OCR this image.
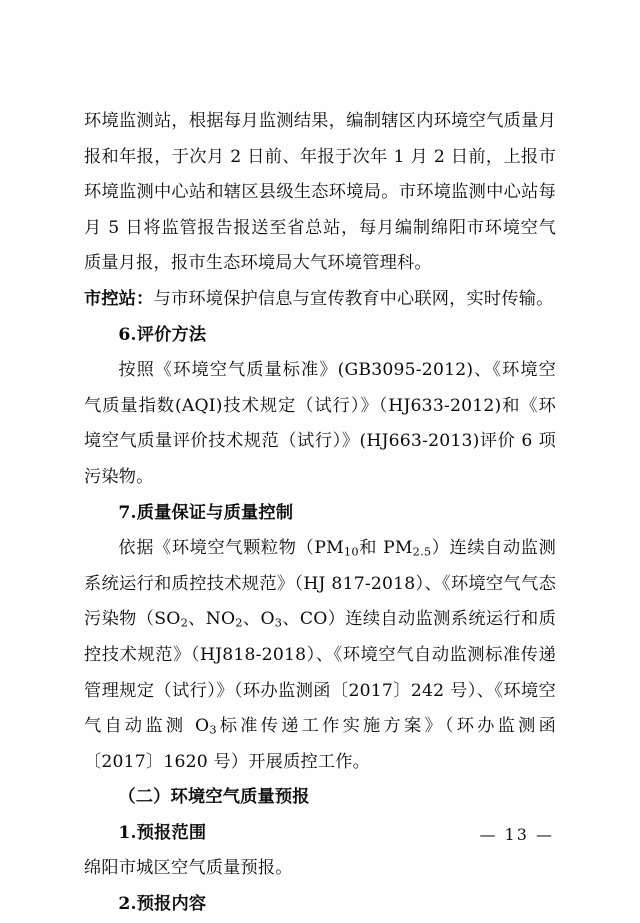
环境监测站，根据每月监测结果，编制辖区内环境空气质量月报和年报，于次月 2 日前、年报于次年 1 月 2 日前，上报市环境监测中心站和辖区县级生态环境局。市环境监测中心站每月 5 日将监管报告报送至省总站，每月编制绵阳市环境空气质量月报，报市生态环境局大气环境管理科。

市控站：与市环境保护信息与宣传教育中心联网，实时传输。

6.评价方法

按照《环境空气质量标准》(GB3095-2012)、《环境空气质量指数(AQI)技术规定（试行）》（HJ633-2012)和《环境空气质量评价技术规范（试行）》(HJ663-2013)评价 6 项污染物。

7.质量保证与质量控制

依据《环境空气颗粒物（$PM_{10}$和 $PM_{2.5}$）连续自动监测系统运行和质控技术规范》（HJ 817-2018）、《环境空气气态污染物（$SO_2$、$NO_2$、$O_3$、CO）连续自动监测系统运行和质控技术规范》（HJ818-2018）、《环境空气自动监测标准传递管理规定（试行）》（环办监测函〔2017〕242 号）、《环境空气自动监测 $O_3$标准传递工作实施方案》（环办监测函〔2017〕1620 号）开展质控工作。

（二）环境空气质量预报

1.预报范围

绵阳市城区空气质量预报。

2.预报内容

— 13 —
